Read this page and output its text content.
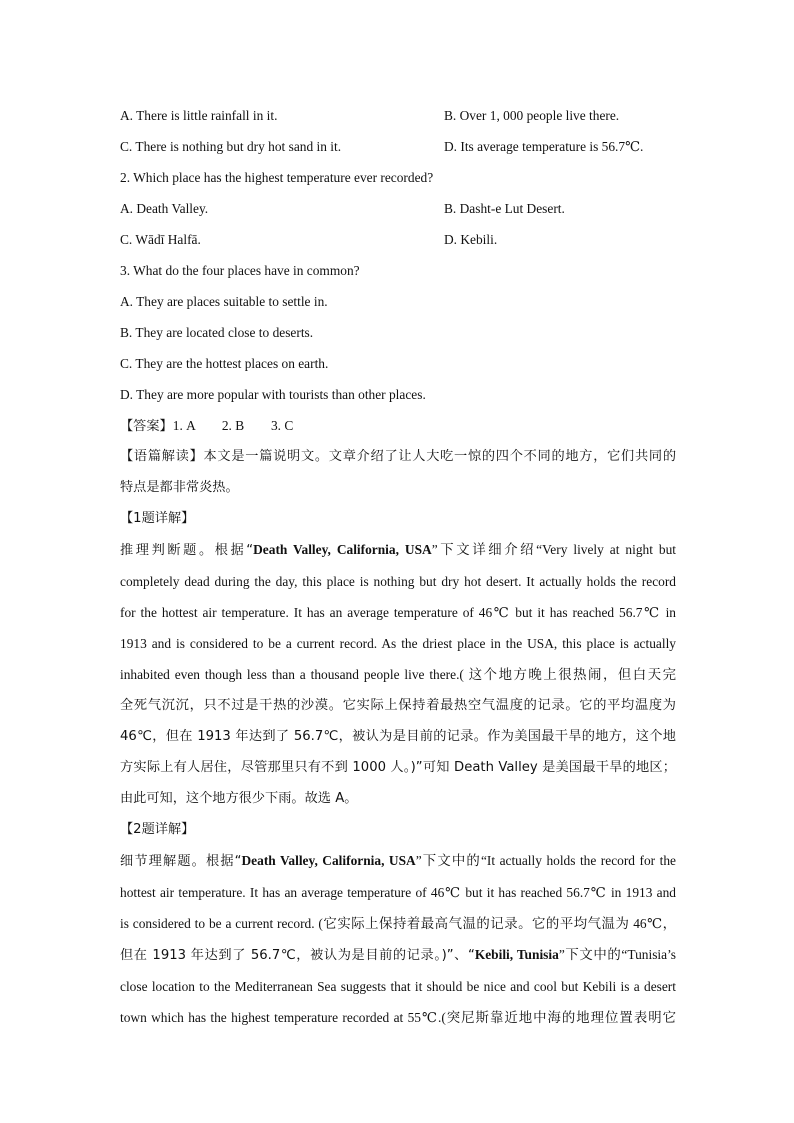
A. There is little rainfall in it.	B. Over 1, 000 people live there.
C. There is nothing but dry hot sand in it.	D. Its average temperature is 56.7℃.
2. Which place has the highest temperature ever recorded?
A. Death Valley.	B. Dasht-e Lut Desert.
C. Wādī Halfā.	D. Kebili.
3. What do the four places have in common?
A. They are places suitable to settle in.
B. They are located close to deserts.
C. They are the hottest places on earth.
D. They are more popular with tourists than other places.
【答案】1. A        2. B        3. C

【语篇解读】本文是一篇说明文。文章介绍了让人大吃一惊的四个不同的地方，它们共同的

特点是都非常炎热。

【1题详解】

推理判断题。根据“Death Valley, California, USA”下文详细介绍“Very lively at night but

completely dead during the day, this place is nothing but dry hot desert. It actually holds the record

for the hottest air temperature. It has an average temperature of 46℃ but it has reached 56.7℃ in

1913 and is considered to be a current record. As the driest place in the USA, this place is actually

inhabited even though less than a thousand people live there.( 这个地方晚上很热闹，但白天完

全死气沉沉，只不过是干热的沙漠。它实际上保持着最热空气温度的记录。它的平均温度为

46℃，但在 1913 年达到了 56.7℃，被认为是目前的记录。作为美国最干旱的地方，这个地

方实际上有人居住，尽管那里只有不到 1000 人。)”可知 Death Valley 是美国最干旱的地区；

由此可知，这个地方很少下雨。故选 A。

【2题详解】

细节理解题。根据“Death Valley, California, USA”下文中的“It actually holds the record for the

hottest air temperature. It has an average temperature of 46℃ but it has reached 56.7℃ in 1913 and

is considered to be a current record. (它实际上保持着最高气温的记录。它的平均气温为 46℃，

但在 1913 年达到了 56.7℃，被认为是目前的记录。)”、“Kebili, Tunisia”下文中的“Tunisia’s

close location to the Mediterranean Sea suggests that it should be nice and cool but Kebili is a desert

town which has the highest temperature recorded at 55℃.(突尼斯靠近地中海的地理位置表明它
